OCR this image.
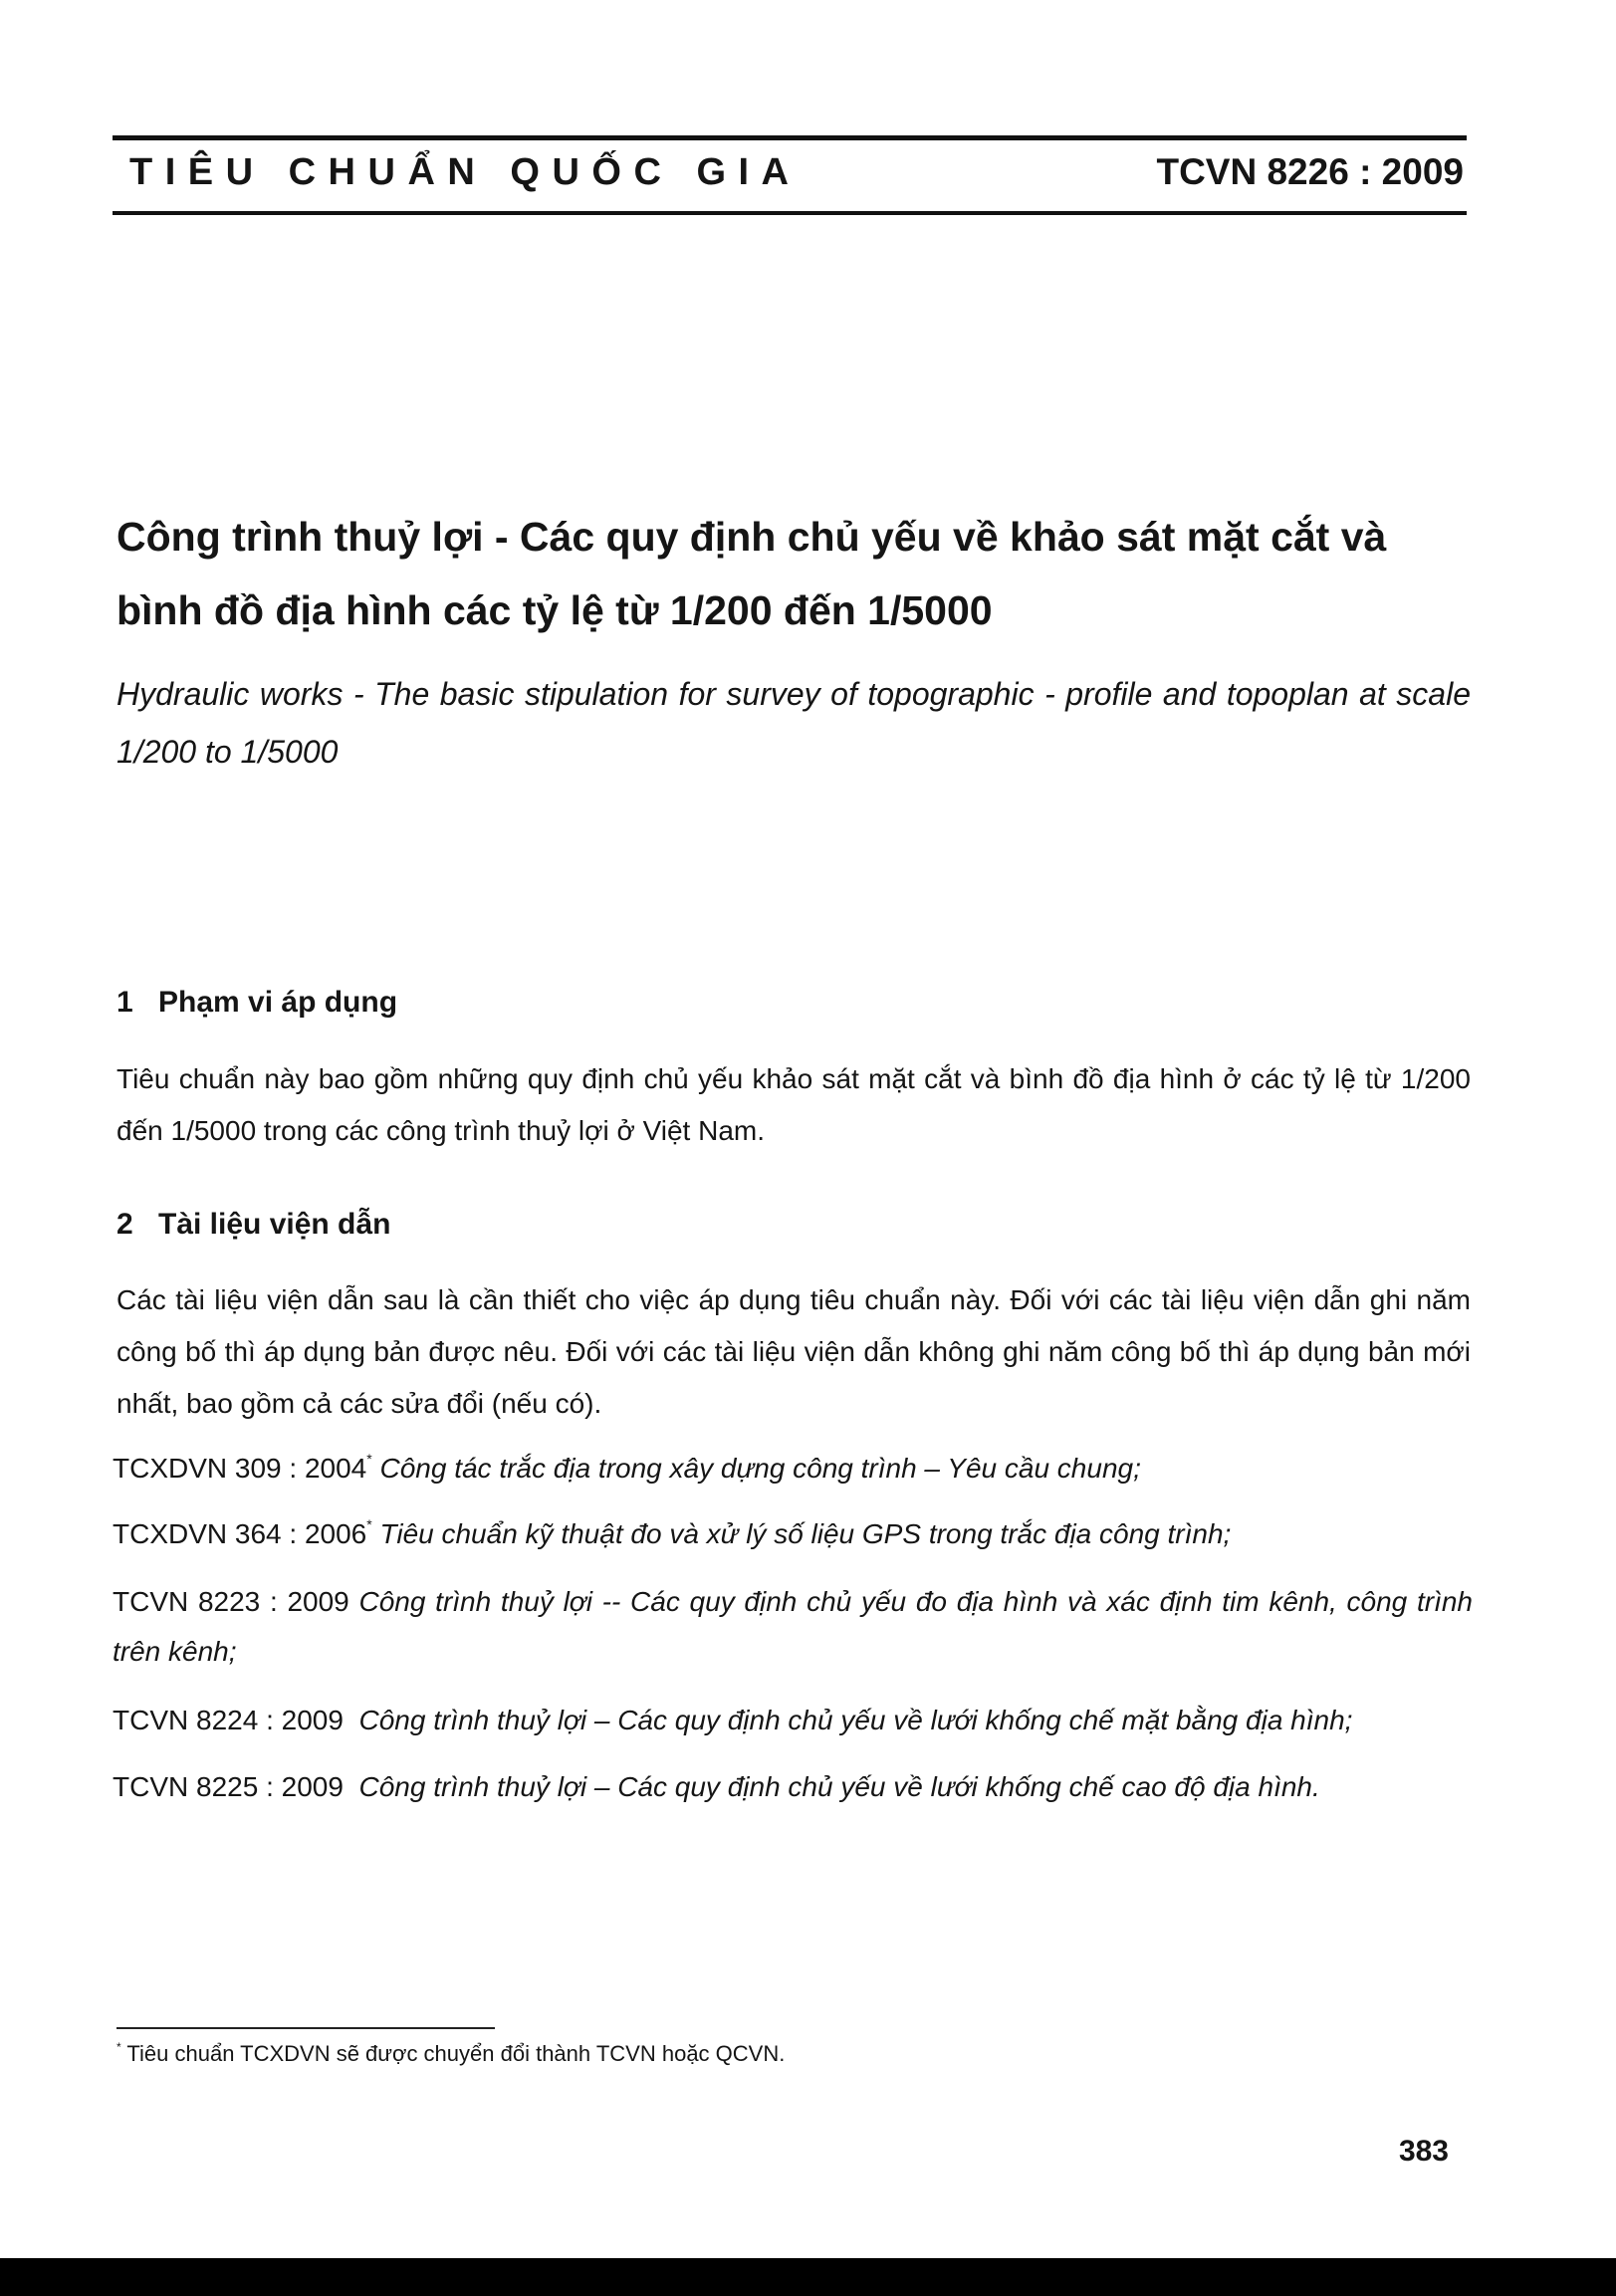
TIÊU CHUẨN QUỐC GIA	TCVN 8226 : 2009
Công trình thuỷ lợi - Các quy định chủ yếu về khảo sát mặt cắt và bình đồ địa hình các tỷ lệ từ 1/200 đến 1/5000

Hydraulic works - The basic stipulation for survey of topographic - profile and topoplan at scale 1/200 to 1/5000

1 Phạm vi áp dụng

Tiêu chuẩn này bao gồm những quy định chủ yếu khảo sát mặt cắt và bình đồ địa hình ở các tỷ lệ từ 1/200 đến 1/5000 trong các công trình thuỷ lợi ở Việt Nam.

2 Tài liệu viện dẫn

Các tài liệu viện dẫn sau là cần thiết cho việc áp dụng tiêu chuẩn này. Đối với các tài liệu viện dẫn ghi năm công bố thì áp dụng bản được nêu. Đối với các tài liệu viện dẫn không ghi năm công bố thì áp dụng bản mới nhất, bao gồm cả các sửa đổi (nếu có).

TCXDVN 309 : 2004* Công tác trắc địa trong xây dựng công trình – Yêu cầu chung;

TCXDVN 364 : 2006* Tiêu chuẩn kỹ thuật đo và xử lý số liệu GPS trong trắc địa công trình;

TCVN 8223 : 2009 Công trình thuỷ lợi -- Các quy định chủ yếu đo địa hình và xác định tim kênh, công trình trên kênh;

TCVN 8224 : 2009 Công trình thuỷ lợi – Các quy định chủ yếu về lưới khống chế mặt bằng địa hình;

TCVN 8225 : 2009 Công trình thuỷ lợi – Các quy định chủ yếu về lưới khống chế cao độ địa hình.

* Tiêu chuẩn TCXDVN sẽ được chuyển đổi thành TCVN hoặc QCVN.

383
